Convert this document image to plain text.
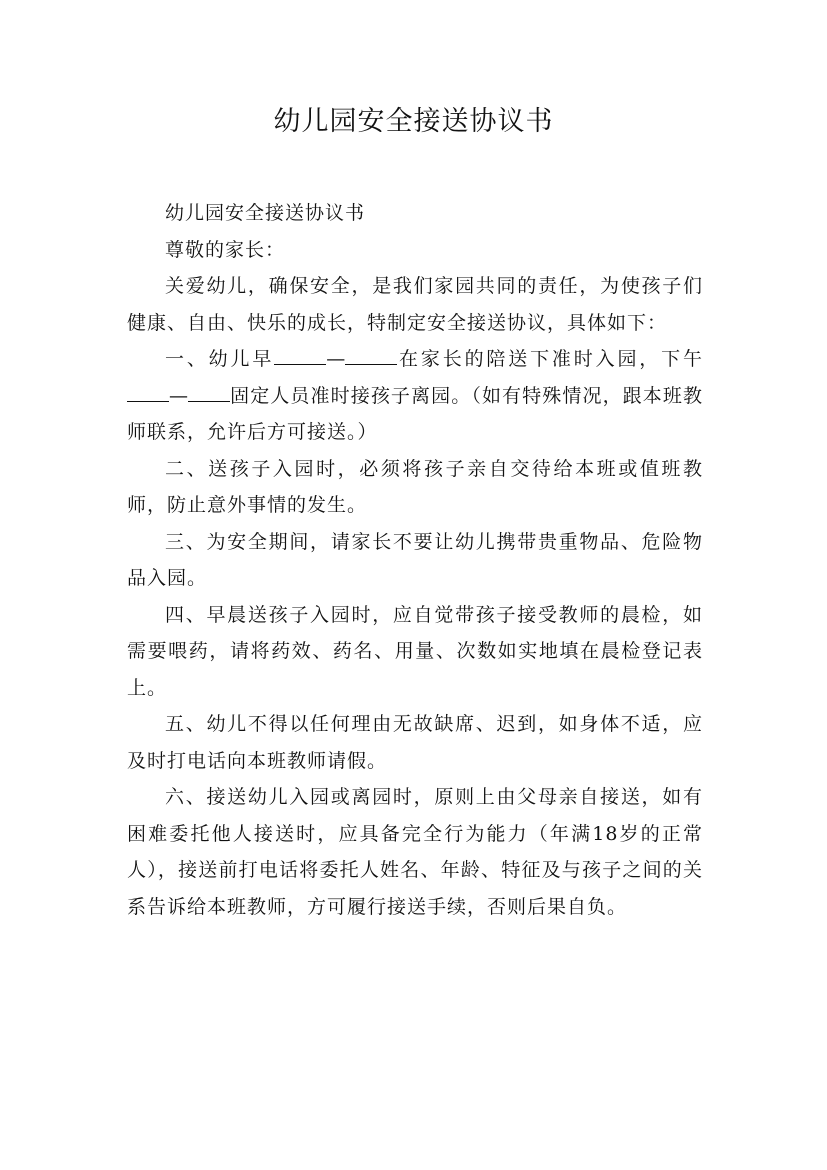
幼儿园安全接送协议书

幼儿园安全接送协议书

尊敬的家长：

关爱幼儿，确保安全，是我们家园共同的责任，为使孩子们健康、自由、快乐的成长，特制定安全接送协议，具体如下：

一、幼儿早	—	在家长的陪送下准时入园，下午— 固定人员准时接孩子离园。（如有特殊情况，跟本班教师联系，允许后方可接送。）

二、送孩子入园时，必须将孩子亲自交待给本班或值班教师，防止意外事情的发生。

三、为安全期间，请家长不要让幼儿携带贵重物品、危险物品入园。

四、早晨送孩子入园时，应自觉带孩子接受教师的晨检，如需要喂药，请将药效、药名、用量、次数如实地填在晨检登记表上。

五、幼儿不得以任何理由无故缺席、迟到，如身体不适，应及时打电话向本班教师请假。

六、接送幼儿入园或离园时，原则上由父母亲自接送，如有困难委托他人接送时，应具备完全行为能力（年满18岁的正常人），接送前打电话将委托人姓名、年龄、特征及与孩子之间的关系告诉给本班教师，方可履行接送手续，否则后果自负。
